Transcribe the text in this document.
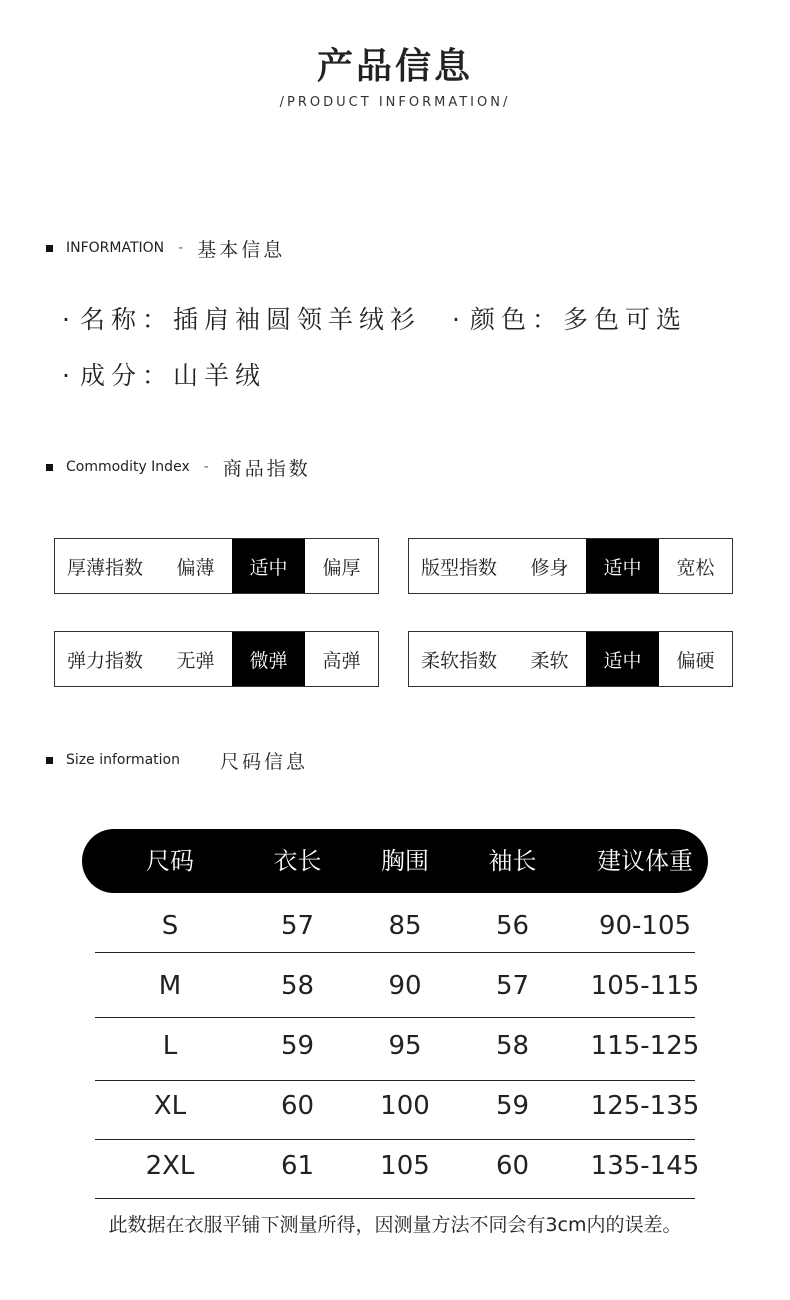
产品信息
/PRODUCT INFORMATION/
INFORMATION - 基本信息
· 名称：插肩袖圆领羊绒衫 · 颜色：多色可选
· 成分：山羊绒
Commodity Index - 商品指数
厚薄指数	偏薄	适中	偏厚	版型指数	修身	适中	宽松
弹力指数	无弹	微弹	高弹	柔软指数	柔软	适中	偏硬
Size information 尺码信息
尺码	衣长	胸围	袖长	建议体重
S	57	85	56	90-105
M	58	90	57	105-115
L	59	95	58	115-125
XL	60	100	59	125-135
2XL	61	105	60	135-145
此数据在衣服平铺下测量所得，因测量方法不同会有3cm内的误差。
